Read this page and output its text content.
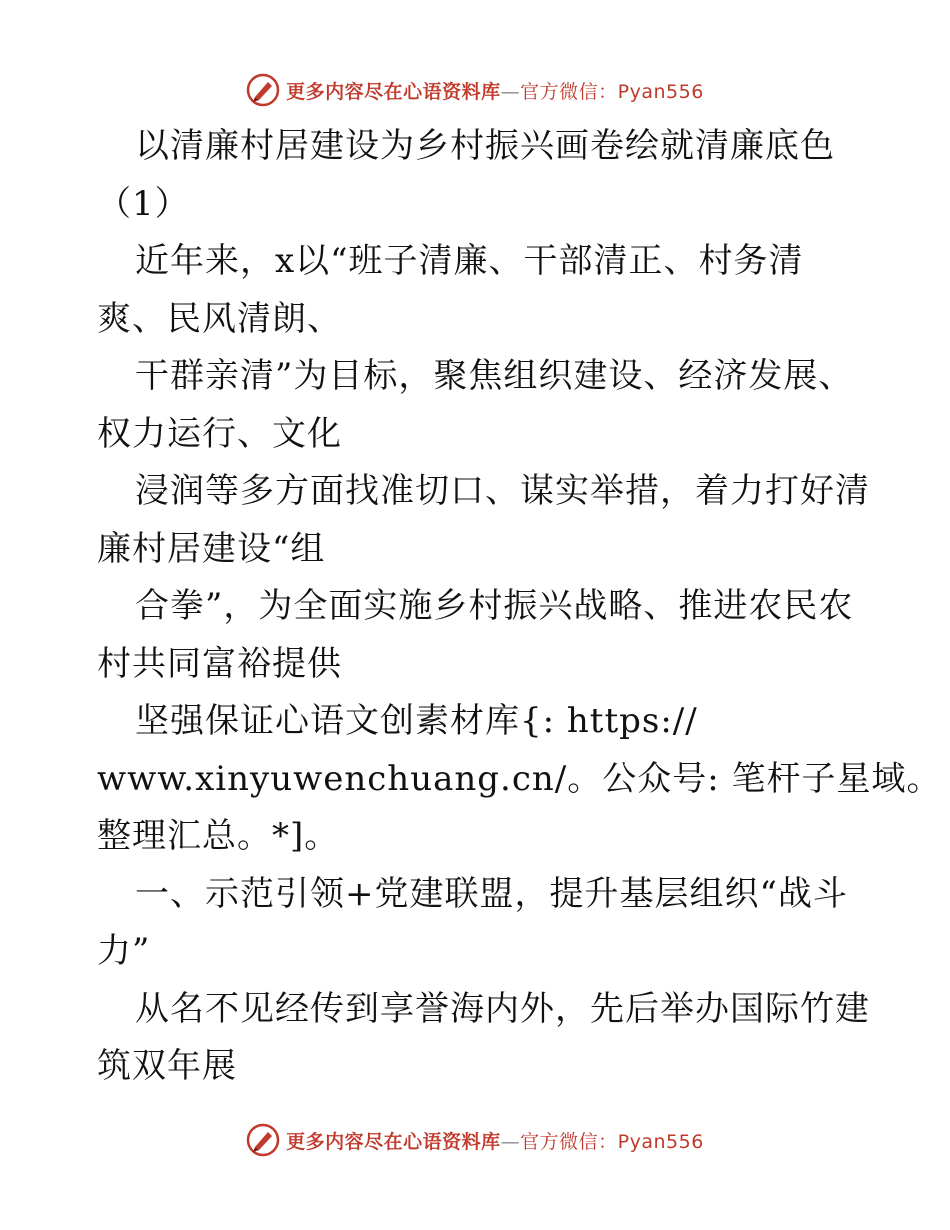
更多内容尽在心语资料库—官方微信：Pyan556
以清廉村居建设为乡村振兴画卷绘就清廉底色
（1）
近年来，x以“班子清廉、干部清正、村务清
爽、民风清朗、
干群亲清”为目标，聚焦组织建设、经济发展、
权力运行、文化
浸润等多方面找准切口、谋实举措，着力打好清
廉村居建设“组
合拳”，为全面实施乡村振兴战略、推进农民农
村共同富裕提供
坚强保证心语文创素材库{: https://
www.xinyuwenchuang.cn/。公众号: 笔杆子星域。
整理汇总。*]。
一、示范引领+党建联盟，提升基层组织“战斗
力”
从名不见经传到享誉海内外，先后举办国际竹建
筑双年展
更多内容尽在心语资料库—官方微信：Pyan556
